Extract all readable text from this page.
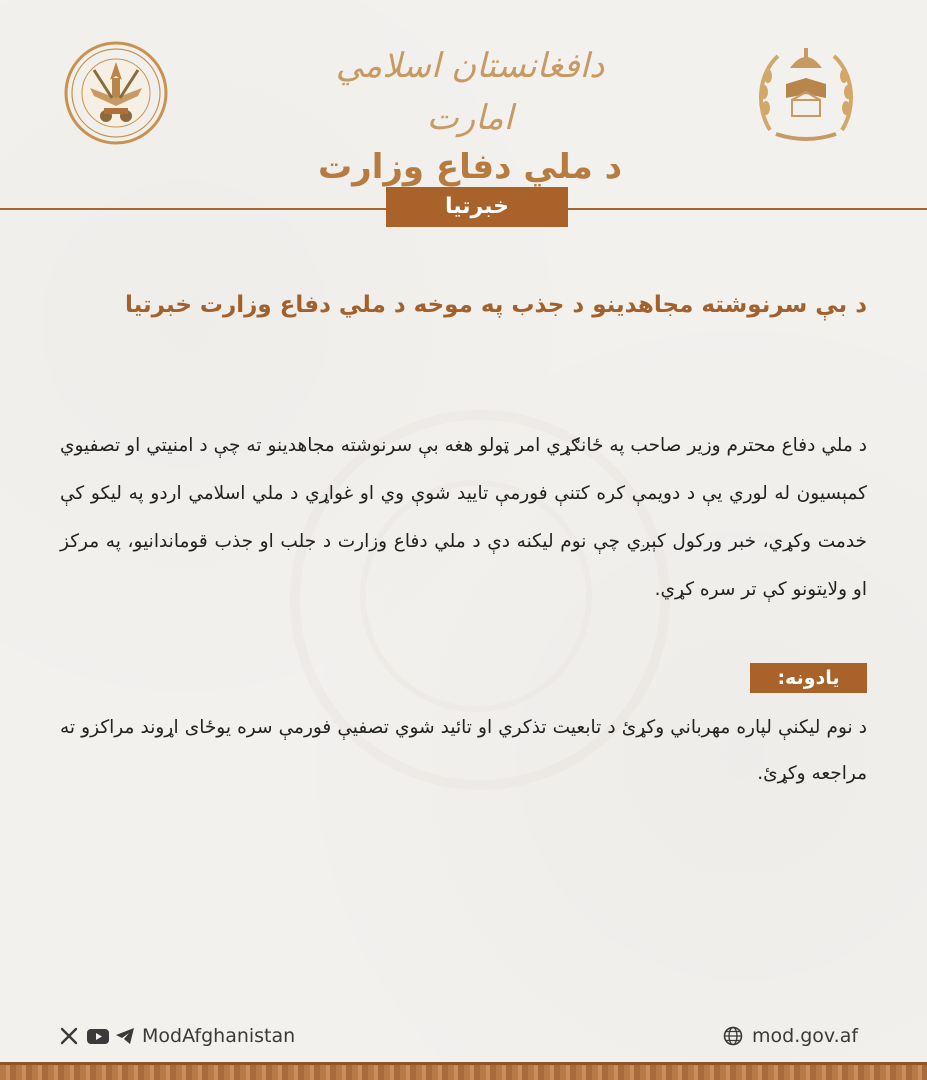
دافغانستان اسلامي امارت
د ملي دفاع وزارت
خبرتيا
د بې سرنوشته مجاهدينو د جذب په موخه د ملي دفاع وزارت خبرتيا
د ملي دفاع محترم وزير صاحب په ځانګړي امر ټولو هغه بې سرنوشته مجاهدينو ته چې د امنيتي او تصفيوي کمېسيون له لوري يې د دويمې کره کتنې فورمې تاييد شوې وي او غواړي د ملي اسلامي اردو په ليکو کې خدمت وکړي، خبر ورکول کېږي چې نوم ليکنه دې د ملي دفاع وزارت د جلب او جذب قوماندانيو، په مرکز او ولايتونو کې تر سره کړي.
يادونه:
د نوم ليکنې لپاره مهرباني وکړئ د تابعيت تذکري او تائيد شوي تصفيې فورمې سره يوځای اړوند مراکزو ته مراجعه وکړئ.
ModAfghanistan	mod.gov.af
